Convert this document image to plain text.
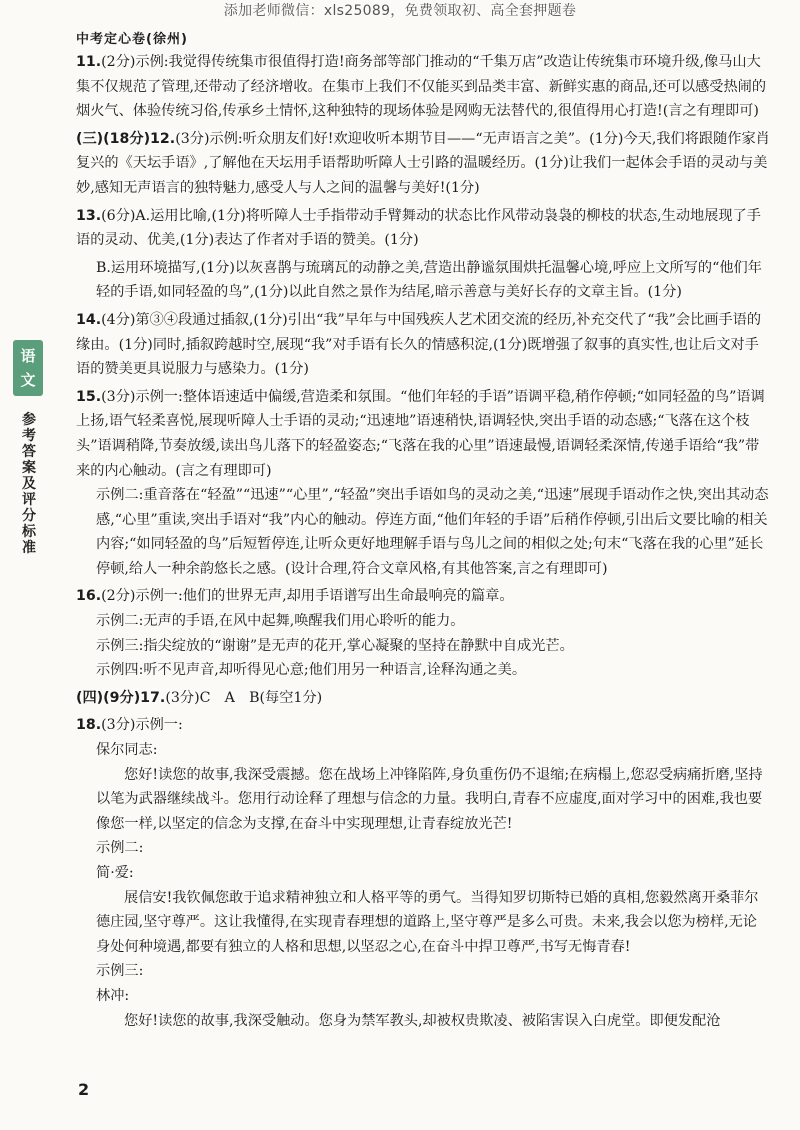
添加老师微信：xls25089，免费领取初、高全套押题卷
中考定心卷(徐州)
语
文
参考答案及评分标准

11.(2分)示例:我觉得传统集市很值得打造!商务部等部门推动的“千集万店”改造让传统集市环境升级,像马山大集不仅规范了管理,还带动了经济增收。在集市上我们不仅能买到品类丰富、新鲜实惠的商品,还可以感受热闹的烟火气、体验传统习俗,传承乡土情怀,这种独特的现场体验是网购无法替代的,很值得用心打造!(言之有理即可)

(三)(18分)12.(3分)示例:听众朋友们好!欢迎收听本期节目——“无声语言之美”。(1分)今天,我们将跟随作家肖复兴的《天坛手语》,了解他在天坛用手语帮助听障人士引路的温暖经历。(1分)让我们一起体会手语的灵动与美妙,感知无声语言的独特魅力,感受人与人之间的温馨与美好!(1分)

13.(6分)A.运用比喻,(1分)将听障人士手指带动手臂舞动的状态比作风带动袅袅的柳枝的状态,生动地展现了手语的灵动、优美,(1分)表达了作者对手语的赞美。(1分)

B.运用环境描写,(1分)以灰喜鹊与琉璃瓦的动静之美,营造出静谧氛围烘托温馨心境,呼应上文所写的“他们年轻的手语,如同轻盈的鸟”,(1分)以此自然之景作为结尾,暗示善意与美好长存的文章主旨。(1分)

14.(4分)第③④段通过插叙,(1分)引出“我”早年与中国残疾人艺术团交流的经历,补充交代了“我”会比画手语的缘由。(1分)同时,插叙跨越时空,展现“我”对手语有长久的情感积淀,(1分)既增强了叙事的真实性,也让后文对手语的赞美更具说服力与感染力。(1分)

15.(3分)示例一:整体语速适中偏缓,营造柔和氛围。“他们年轻的手语”语调平稳,稍作停顿;“如同轻盈的鸟”语调上扬,语气轻柔喜悦,展现听障人士手语的灵动;“迅速地”语速稍快,语调轻快,突出手语的动态感;“飞落在这个枝头”语调稍降,节奏放缓,读出鸟儿落下的轻盈姿态;“飞落在我的心里”语速最慢,语调轻柔深情,传递手语给“我”带来的内心触动。(言之有理即可)

示例二:重音落在“轻盈”“迅速”“心里”,“轻盈”突出手语如鸟的灵动之美,“迅速”展现手语动作之快,突出其动态感,“心里”重读,突出手语对“我”内心的触动。停连方面,“他们年轻的手语”后稍作停顿,引出后文要比喻的相关内容;“如同轻盈的鸟”后短暂停连,让听众更好地理解手语与鸟儿之间的相似之处;句末“飞落在我的心里”延长停顿,给人一种余韵悠长之感。(设计合理,符合文章风格,有其他答案,言之有理即可)

16.(2分)示例一:他们的世界无声,却用手语谱写出生命最响亮的篇章。

示例二:无声的手语,在风中起舞,唤醒我们用心聆听的能力。

示例三:指尖绽放的“谢谢”是无声的花开,掌心凝聚的坚持在静默中自成光芒。

示例四:听不见声音,却听得见心意;他们用另一种语言,诠释沟通之美。

(四)(9分)17.(3分)C　A　B(每空1分)

18.(3分)示例一:

保尔同志:

您好!读您的故事,我深受震撼。您在战场上冲锋陷阵,身负重伤仍不退缩;在病榻上,您忍受病痛折磨,坚持以笔为武器继续战斗。您用行动诠释了理想与信念的力量。我明白,青春不应虚度,面对学习中的困难,我也要像您一样,以坚定的信念为支撑,在奋斗中实现理想,让青春绽放光芒!

示例二:

简·爱:

展信安!我钦佩您敢于追求精神独立和人格平等的勇气。当得知罗切斯特已婚的真相,您毅然离开桑菲尔德庄园,坚守尊严。这让我懂得,在实现青春理想的道路上,坚守尊严是多么可贵。未来,我会以您为榜样,无论身处何种境遇,都要有独立的人格和思想,以坚忍之心,在奋斗中捍卫尊严,书写无悔青春!

示例三:

林冲:

您好!读您的故事,我深受触动。您身为禁军教头,却被权贵欺凌、被陷害误入白虎堂。即便发配沧

2
